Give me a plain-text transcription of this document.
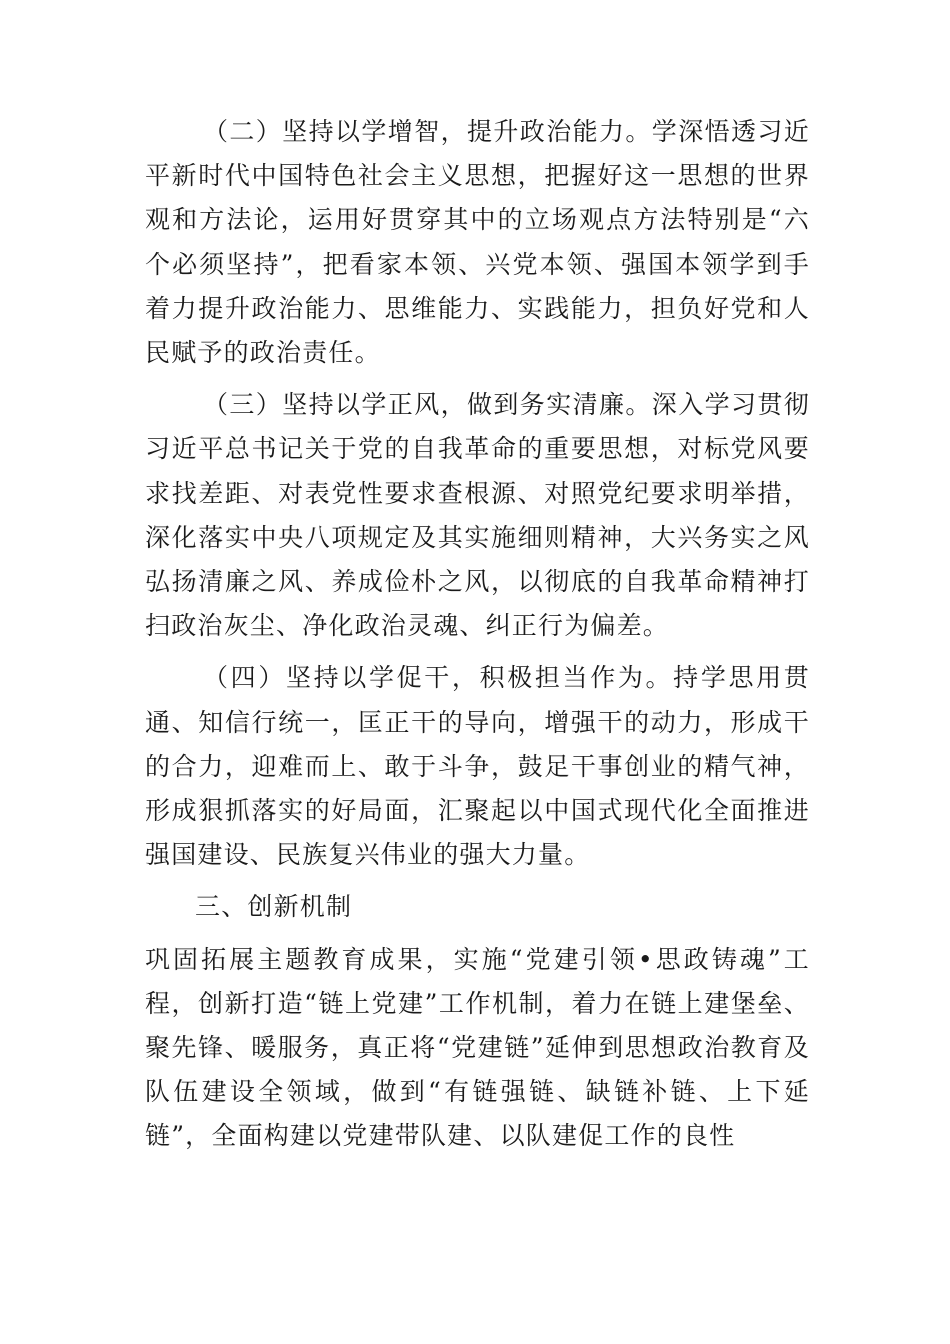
（二）坚持以学增智，提升政治能力。学深悟透习近平新时代中国特色社会主义思想，把握好这一思想的世界观和方法论，运用好贯穿其中的立场观点方法特别是“六个必须坚持”，把看家本领、兴党本领、强国本领学到手着力提升政治能力、思维能力、实践能力，担负好党和人民赋予的政治责任。

（三）坚持以学正风，做到务实清廉。深入学习贯彻习近平总书记关于党的自我革命的重要思想，对标党风要求找差距、对表党性要求查根源、对照党纪要求明举措，深化落实中央八项规定及其实施细则精神，大兴务实之风弘扬清廉之风、养成俭朴之风，以彻底的自我革命精神打扫政治灰尘、净化政治灵魂、纠正行为偏差。

（四）坚持以学促干，积极担当作为。持学思用贯通、知信行统一，匡正干的导向，增强干的动力，形成干的合力，迎难而上、敢于斗争，鼓足干事创业的精气神，形成狠抓落实的好局面，汇聚起以中国式现代化全面推进强国建设、民族复兴伟业的强大力量。

三、创新机制

巩固拓展主题教育成果，实施“党建引领•思政铸魂”工程，创新打造“链上党建”工作机制，着力在链上建堡垒、聚先锋、暖服务，真正将“党建链”延伸到思想政治教育及队伍建设全领域，做到“有链强链、缺链补链、上下延链”，全面构建以党建带队建、以队建促工作的良性
